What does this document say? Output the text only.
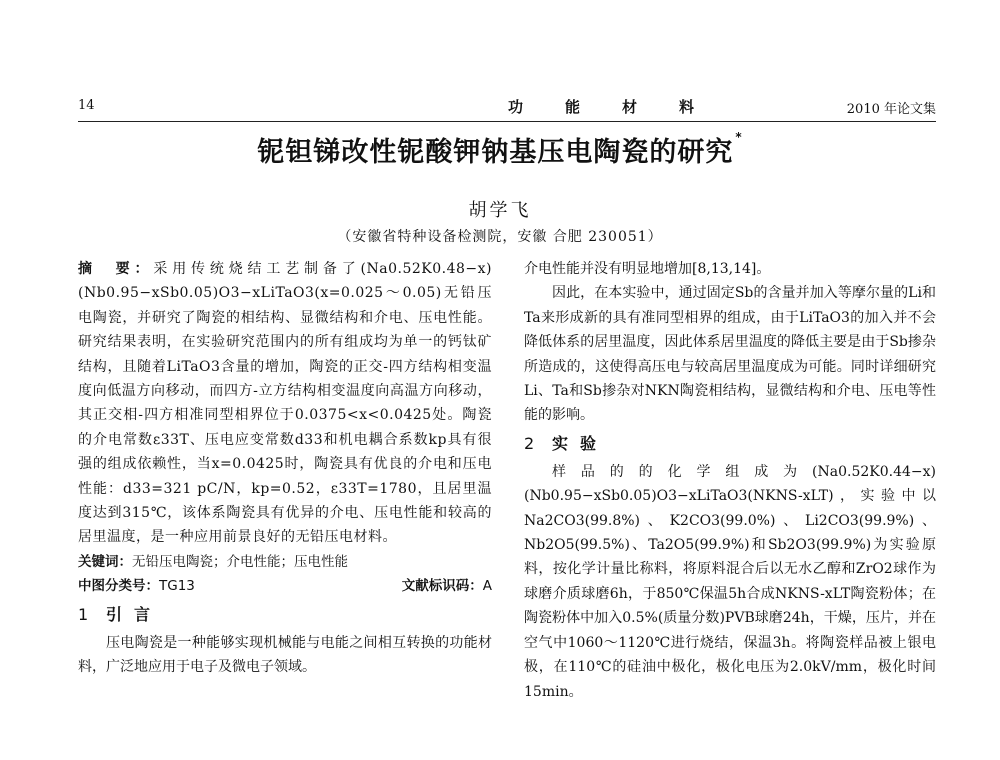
14	功能材料	2010 年论文集
铌钽锑改性铌酸钾钠基压电陶瓷的研究 *
胡学飞
（安徽省特种设备检测院，安徽 合肥 230051）

摘　要：采用传统烧结工艺制备了(Na0.52K0.48−x)(Nb0.95−xSb0.05)O3−xLiTaO3(x=0.025～0.05)无铅压电陶瓷，并研究了陶瓷的相结构、显微结构和介电、压电性能。研究结果表明，在实验研究范围内的所有组成均为单一的钙钛矿结构，且随着LiTaO3含量的增加，陶瓷的正交-四方结构相变温度向低温方向移动，而四方-立方结构相变温度向高温方向移动，其正交相-四方相准同型相界位于0.0375<x<0.0425处。陶瓷的介电常数ε33T、压电应变常数d33和机电耦合系数kp具有很强的组成依赖性，当x=0.0425时，陶瓷具有优良的介电和压电性能：d33=321 pC/N，kp=0.52，ε33T=1780，且居里温度达到315℃，该体系陶瓷具有优异的介电、压电性能和较高的居里温度，是一种应用前景良好的无铅压电材料。

关键词：无铅压电陶瓷；介电性能；压电性能

中图分类号：TG13	文献标识码：A
1 引言

压电陶瓷是一种能够实现机械能与电能之间相互转换的功能材料，广泛地应用于电子及微电子领域。

介电性能并没有明显地增加[8,13,14]。

因此，在本实验中，通过固定Sb的含量并加入等摩尔量的Li和Ta来形成新的具有准同型相界的组成，由于LiTaO3的加入并不会降低体系的居里温度，因此体系居里温度的降低主要是由于Sb掺杂所造成的，这使得高压电与较高居里温度成为可能。同时详细研究Li、Ta和Sb掺杂对NKN陶瓷相结构，显微结构和介电、压电等性能的影响。

2 实验

样品的的化学组成为(Na0.52K0.44−x)(Nb0.95−xSb0.05)O3−xLiTaO3(NKNS-xLT)，实验中以Na2CO3(99.8%)、K2CO3(99.0%)、Li2CO3(99.9%)、Nb2O5(99.5%)、Ta2O5(99.9%)和Sb2O3(99.9%)为实验原料，按化学计量比称料，将原料混合后以无水乙醇和ZrO2球作为球磨介质球磨6h，于850℃保温5h合成NKNS-xLT陶瓷粉体；在陶瓷粉体中加入0.5%(质量分数)PVB球磨24h，干燥，压片，并在空气中1060～1120℃进行烧结，保温3h。将陶瓷样品被上银电极，在110℃的硅油中极化，极化电压为2.0kV/mm，极化时间15min。
